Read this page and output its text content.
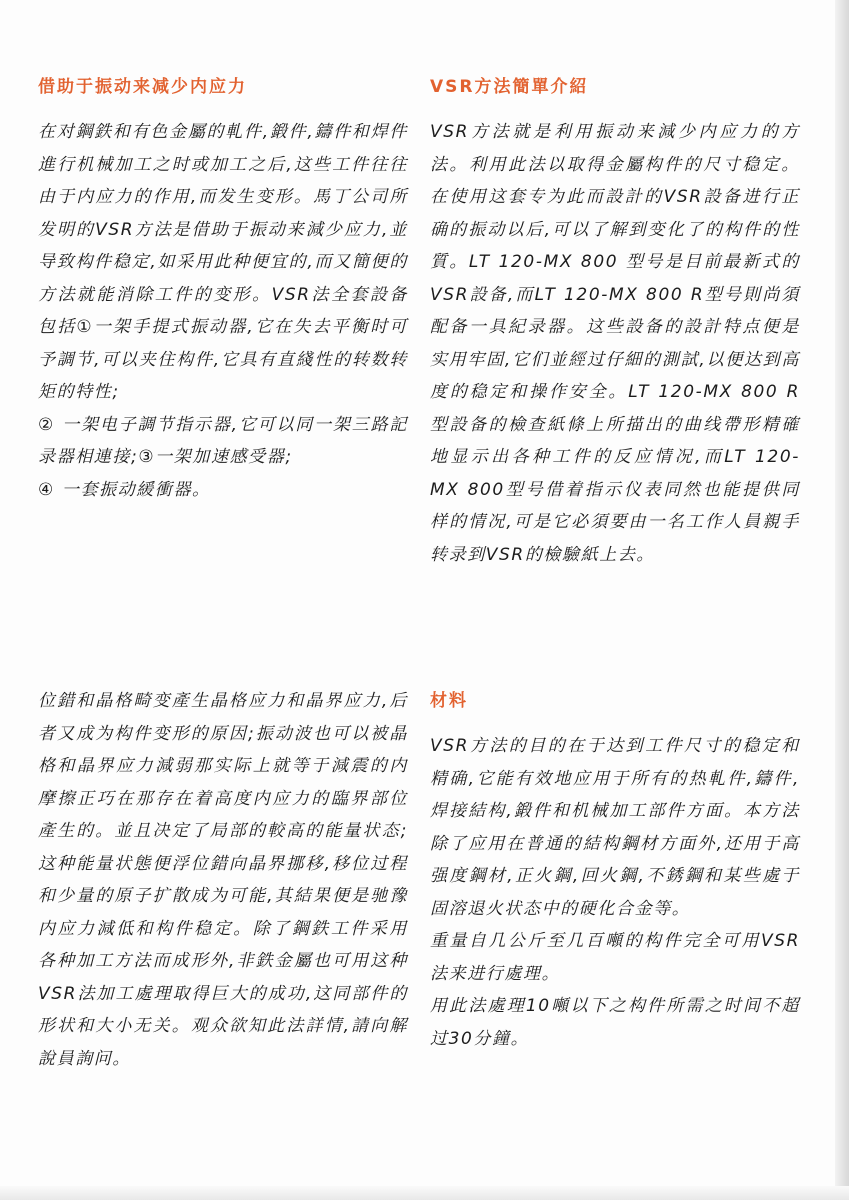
借助于振动来减少内应力

在对鋼鉄和有色金屬的軋件,鍛件,鑄件和焊件進行机械加工之时或加工之后,这些工件往往由于内应力的作用,而发生变形。馬丁公司所发明的VSR方法是借助于振动来減少应力,並导致构件稳定,如采用此种便宜的,而又簡便的方法就能消除工件的变形。VSR法全套設备包括①一架手提式振动器,它在失去平衡时可予調节,可以夹住构件,它具有直綫性的转数转矩的特性;

② 一架电子調节指示器,它可以同一架三路記录器相連接;③一架加速感受器;

④ 一套振动緩衝器。

VSR方法簡單介紹

VSR方法就是利用振动来減少内应力的方法。利用此法以取得金屬构件的尺寸稳定。在使用这套专为此而設計的VSR設备进行正确的振动以后,可以了解到变化了的构件的性質。LT 120-MX 800 型号是目前最新式的VSR設备,而LT 120-MX 800 R型号則尚須配备一具紀录器。这些設备的設計特点便是实用牢固,它们並經过仔細的測試,以便达到高度的稳定和操作安全。LT 120-MX 800 R型設备的檢查紙條上所描出的曲线帶形精確地显示出各种工件的反应情况,而LT 120-MX 800型号借着指示仪表同然也能提供同样的情况,可是它必須要由一名工作人員親手转录到VSR的檢驗紙上去。

位錯和晶格畸变產生晶格应力和晶界应力,后者又成为构件变形的原因;振动波也可以被晶格和晶界应力減弱那实际上就等于減震的内摩擦正巧在那存在着高度内应力的臨界部位產生的。並且决定了局部的較高的能量状态;这种能量状態便浮位錯向晶界挪移,移位过程和少量的原子扩散成为可能,其結果便是驰豫内应力減低和构件稳定。除了鋼鉄工件采用各种加工方法而成形外,非鉄金屬也可用这种VSR法加工處理取得巨大的成功,这同部件的形状和大小无关。观众欲知此法詳情,請向解說員詢问。

材料

VSR方法的目的在于达到工件尺寸的稳定和精确,它能有效地应用于所有的热軋件,鑄件,焊接結构,鍛件和机械加工部件方面。本方法除了应用在普通的結构鋼材方面外,还用于高强度鋼材,正火鋼,回火鋼,不銹鋼和某些處于固溶退火状态中的硬化合金等。

重量自几公斤至几百噸的构件完全可用VSR法来进行處理。

用此法處理10噸以下之构件所需之时间不超过30分鐘。
